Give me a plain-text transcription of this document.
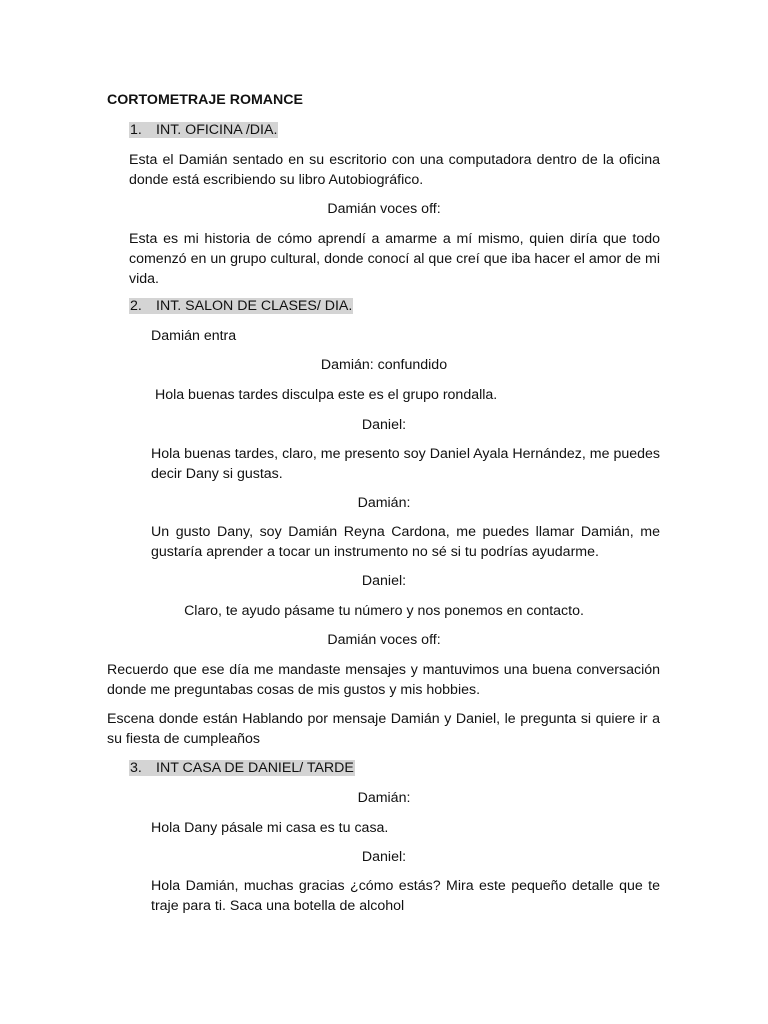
CORTOMETRAJE ROMANCE

1. INT. OFICINA /DIA.

Esta el Damián sentado en su escritorio con una computadora dentro de la oficina donde está escribiendo su libro Autobiográfico.

Damián voces off:

Esta es mi historia de cómo aprendí a amarme a mí mismo, quien diría que todo comenzó en un grupo cultural, donde conocí al que creí que iba hacer el amor de mi vida.

2. INT. SALON DE CLASES/ DIA.

Damián entra

Damián: confundido

Hola buenas tardes disculpa este es el grupo rondalla.

Daniel:

Hola buenas tardes, claro, me presento soy Daniel Ayala Hernández, me puedes decir Dany si gustas.

Damián:

Un gusto Dany, soy Damián Reyna Cardona, me puedes llamar Damián, me gustaría aprender a tocar un instrumento no sé si tu podrías ayudarme.

Daniel:

Claro, te ayudo pásame tu número y nos ponemos en contacto.

Damián voces off:

Recuerdo que ese día me mandaste mensajes y mantuvimos una buena conversación donde me preguntabas cosas de mis gustos y mis hobbies.

Escena donde están Hablando por mensaje Damián y Daniel, le pregunta si quiere ir a su fiesta de cumpleaños

3. INT CASA DE DANIEL/ TARDE

Damián:

Hola Dany pásale mi casa es tu casa.

Daniel:

Hola Damián, muchas gracias ¿cómo estás? Mira este pequeño detalle que te traje para ti. Saca una botella de alcohol
